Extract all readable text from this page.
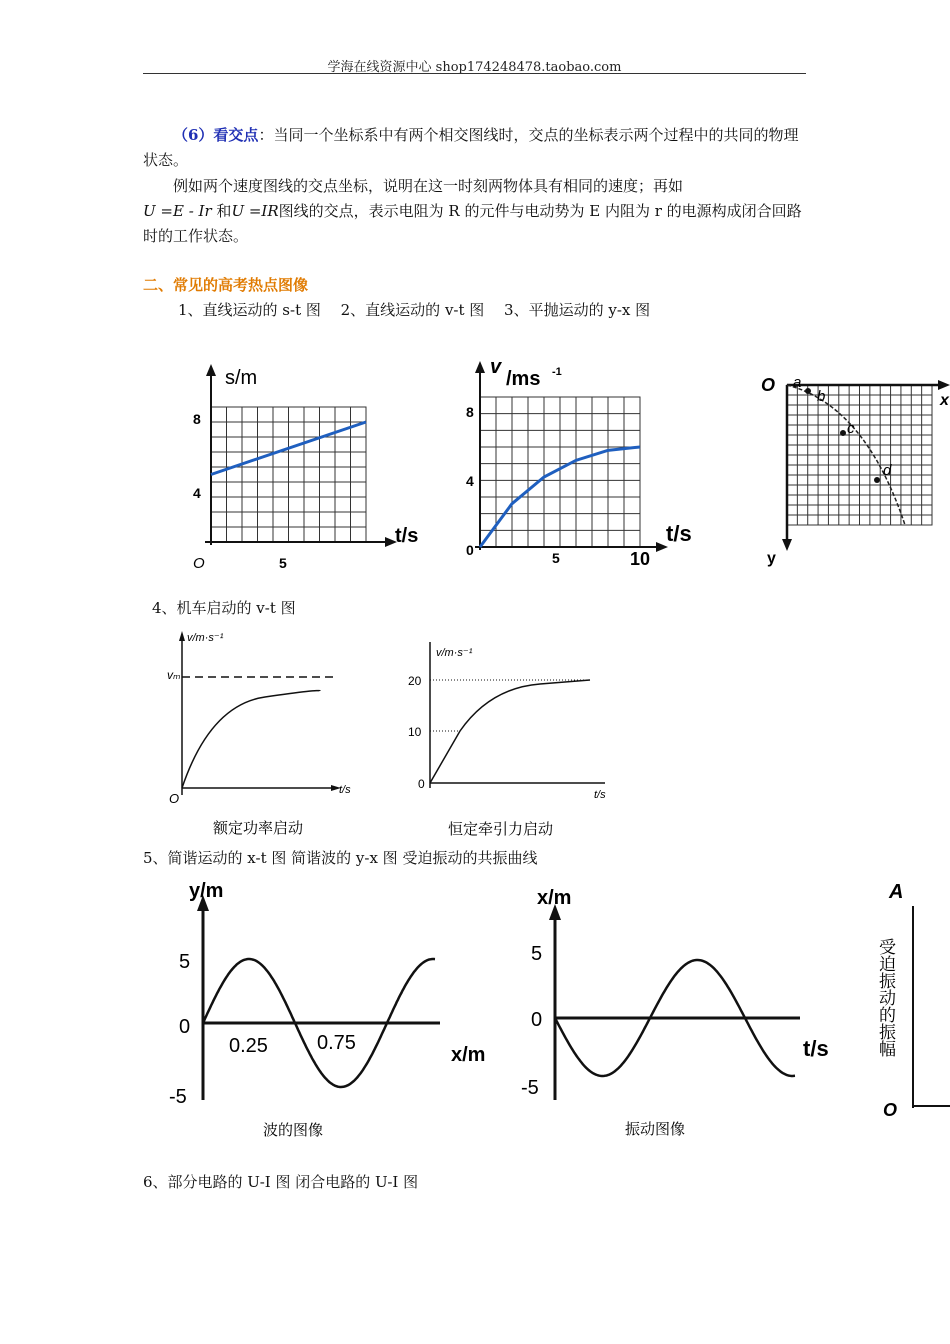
学海在线资源中心 shop174248478.taobao.com
（6）看交点：当同一个坐标系中有两个相交图线时，交点的坐标表示两个过程中的共同的物理状态。
例如两个速度图线的交点坐标，说明在这一时刻两物体具有相同的速度；再如
U =E - Ir 和U =IR图线的交点，表示电阻为 R 的元件与电动势为 E 内阻为 r 的电源构成闭合回路时的工作状态。
二、常见的高考热点图像
1、直线运动的 s-t 图　 2、直线运动的 v-t 图　 3、平抛运动的 y-x 图
s/m
t/s
8
4
5
O
v
/ms -1
t/s
8
4
0	5	10
O a
b
c
d
x
y
4、机车启动的 v-t 图
v/m·s⁻¹
vₘ
O
t/s
额定功率启动
v/m·s⁻¹
20
10
0
t/s
恒定牵引力启动
5、简谐运动的 x-t 图 简谐波的 y-x 图 受迫振动的共振曲线
y/m
5
0
-5
0.25 0.75
x/m
波的图像
x/m
5
0
-5
t/s
振动图像
A
O
受迫振动的振幅
6、部分电路的 U-I 图 闭合电路的 U-I 图
